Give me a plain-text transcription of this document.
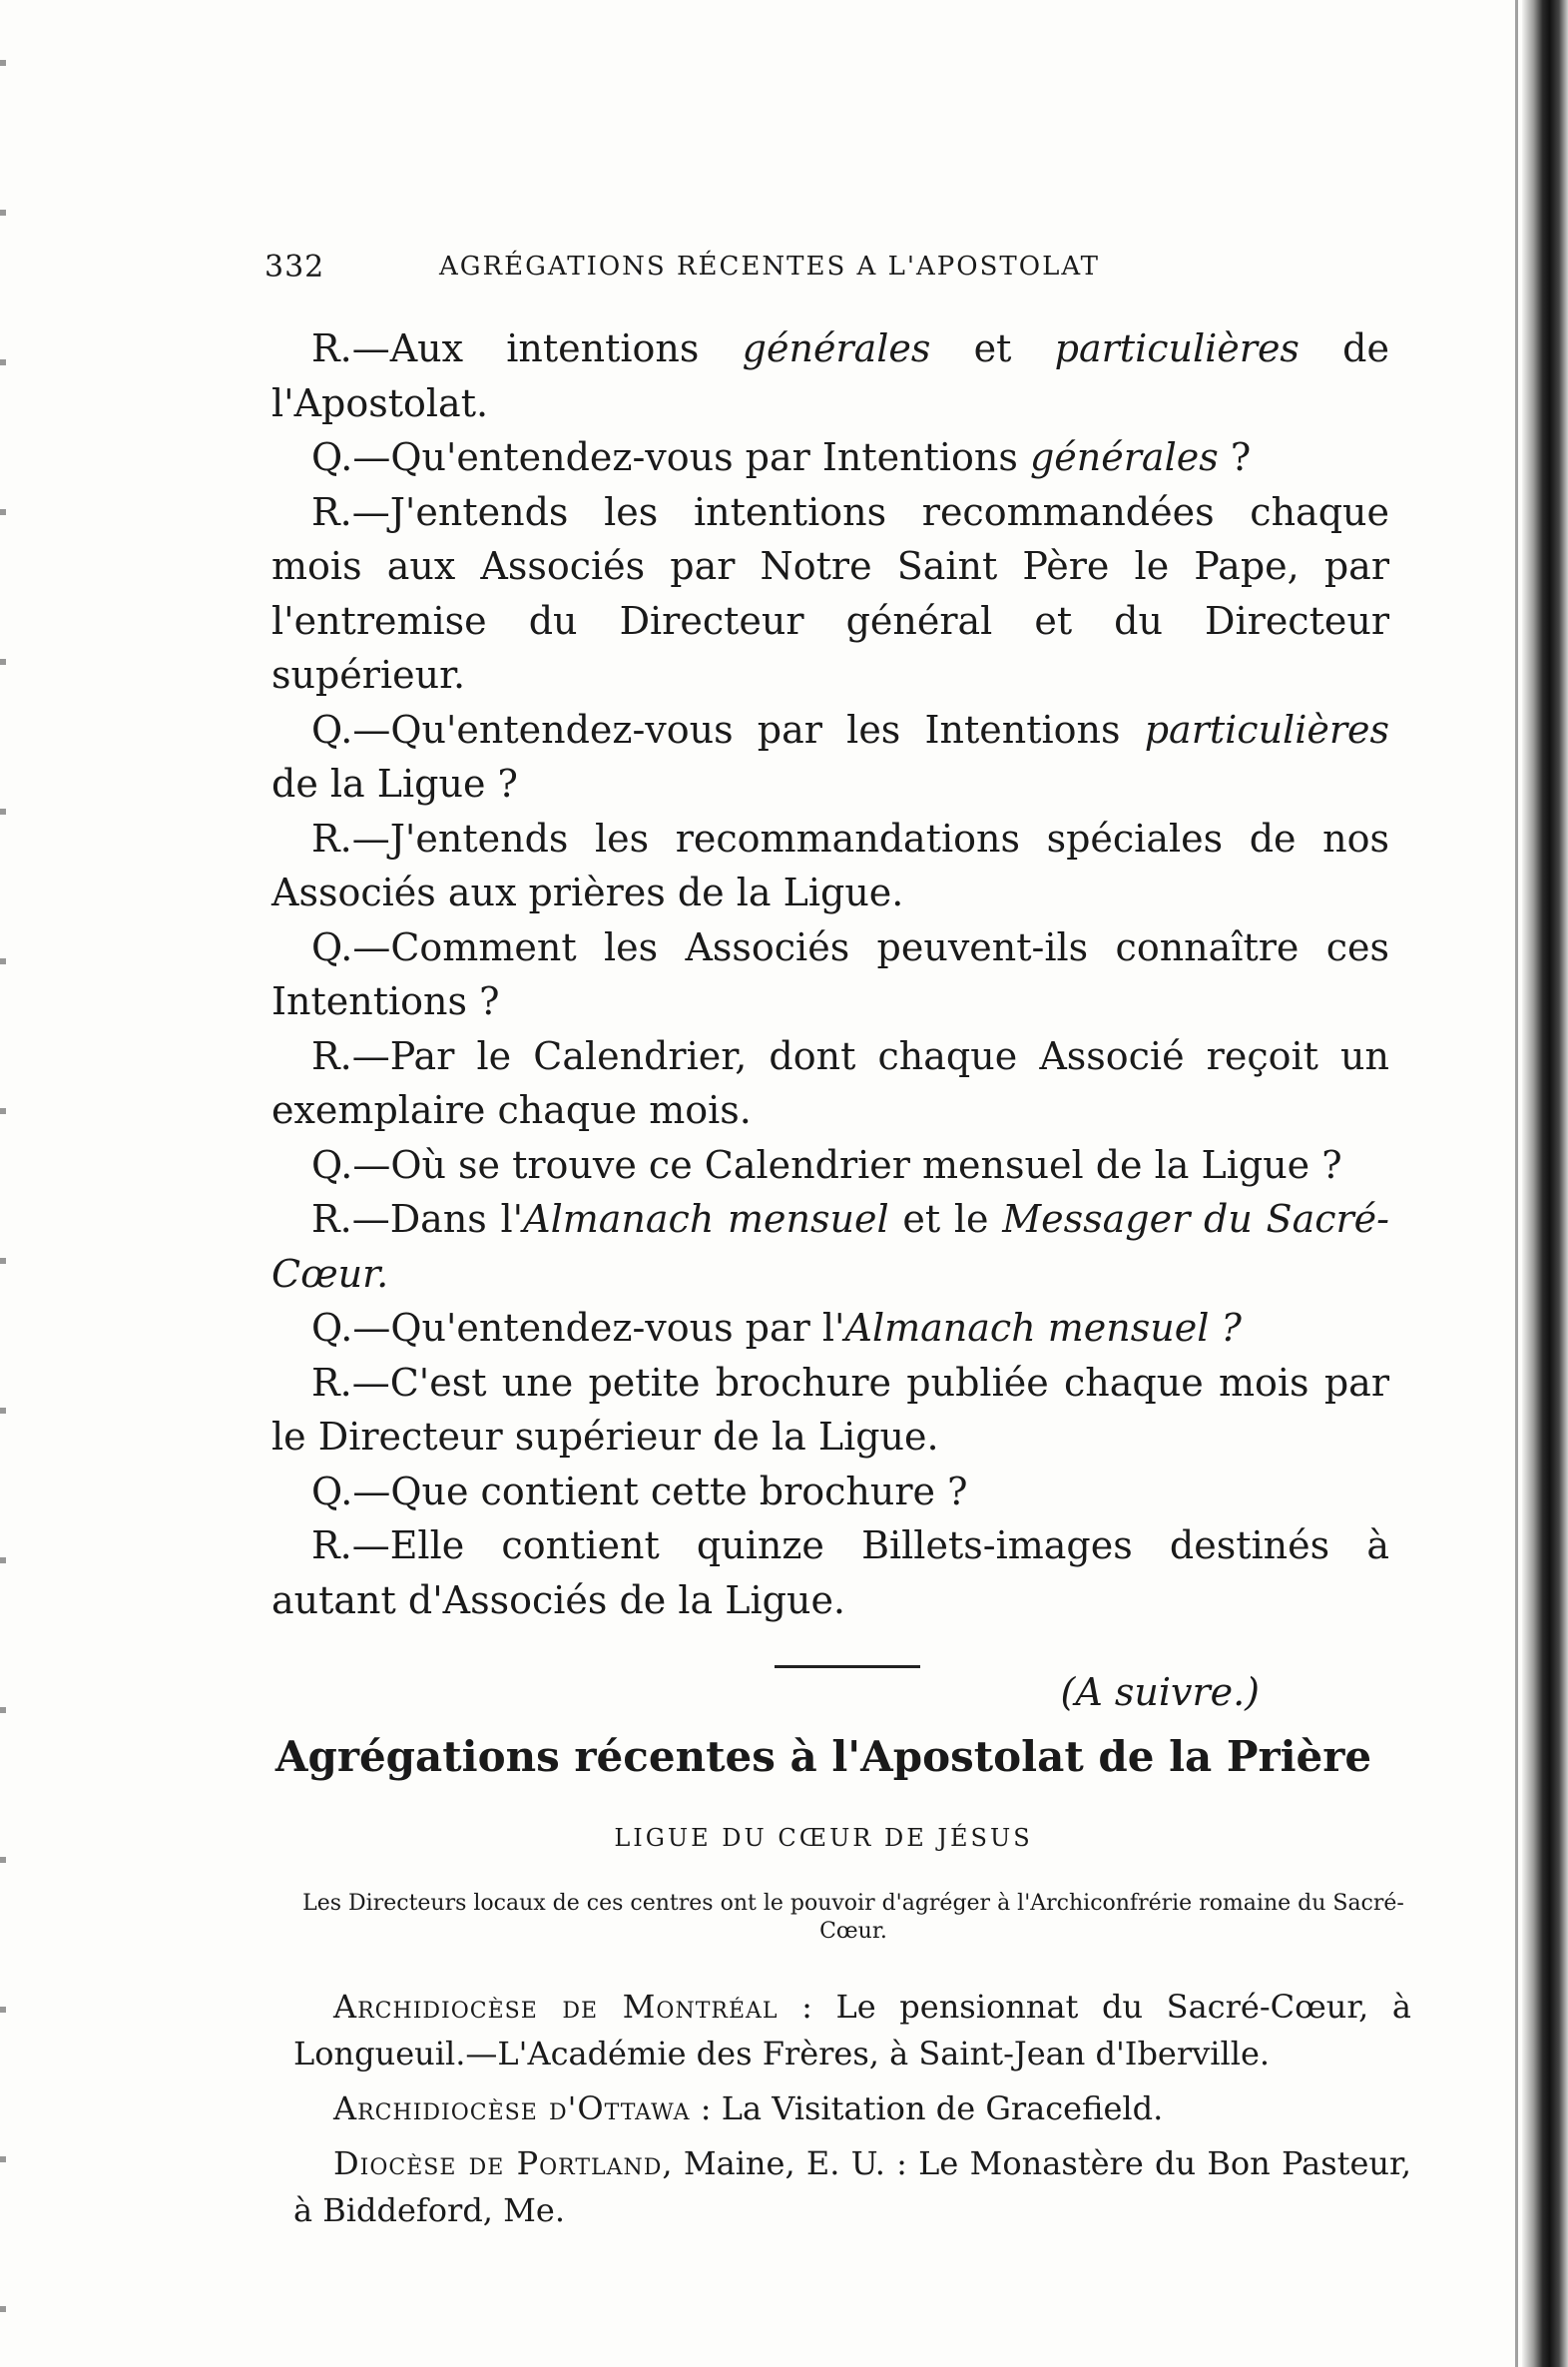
332	AGRÉGATIONS RÉCENTES A L'APOSTOLAT

R.—Aux intentions générales et particulières de l'Apostolat.

Q.—Qu'entendez-vous par Intentions générales ?

R.—J'entends les intentions recommandées chaque mois aux Associés par Notre Saint Père le Pape, par l'entremise du Directeur général et du Directeur supérieur.

Q.—Qu'entendez-vous par les Intentions particulières de la Ligue ?

R.—J'entends les recommandations spéciales de nos Associés aux prières de la Ligue.

Q.—Comment les Associés peuvent-ils connaître ces Intentions ?

R.—Par le Calendrier, dont chaque Associé reçoit un exemplaire chaque mois.

Q.—Où se trouve ce Calendrier mensuel de la Ligue ?

R.—Dans l'Almanach mensuel et le Messager du Sacré-Cœur.

Q.—Qu'entendez-vous par l'Almanach mensuel ?

R.—C'est une petite brochure publiée chaque mois par le Directeur supérieur de la Ligue.

Q.—Que contient cette brochure ?

R.—Elle contient quinze Billets-images destinés à autant d'Associés de la Ligue.

(A suivre.)

Agrégations récentes à l'Apostolat de la Prière
LIGUE DU CŒUR DE JÉSUS
Les Directeurs locaux de ces centres ont le pouvoir d'agréger à l'Archiconfrérie romaine du Sacré-Cœur.

Archidiocèse de Montréal : Le pensionnat du Sacré-Cœur, à Longueuil.—L'Académie des Frères, à Saint-Jean d'Iberville.

Archidiocèse d'Ottawa : La Visitation de Gracefield.

Diocèse de Portland, Maine, E. U. : Le Monastère du Bon Pasteur, à Biddeford, Me.
